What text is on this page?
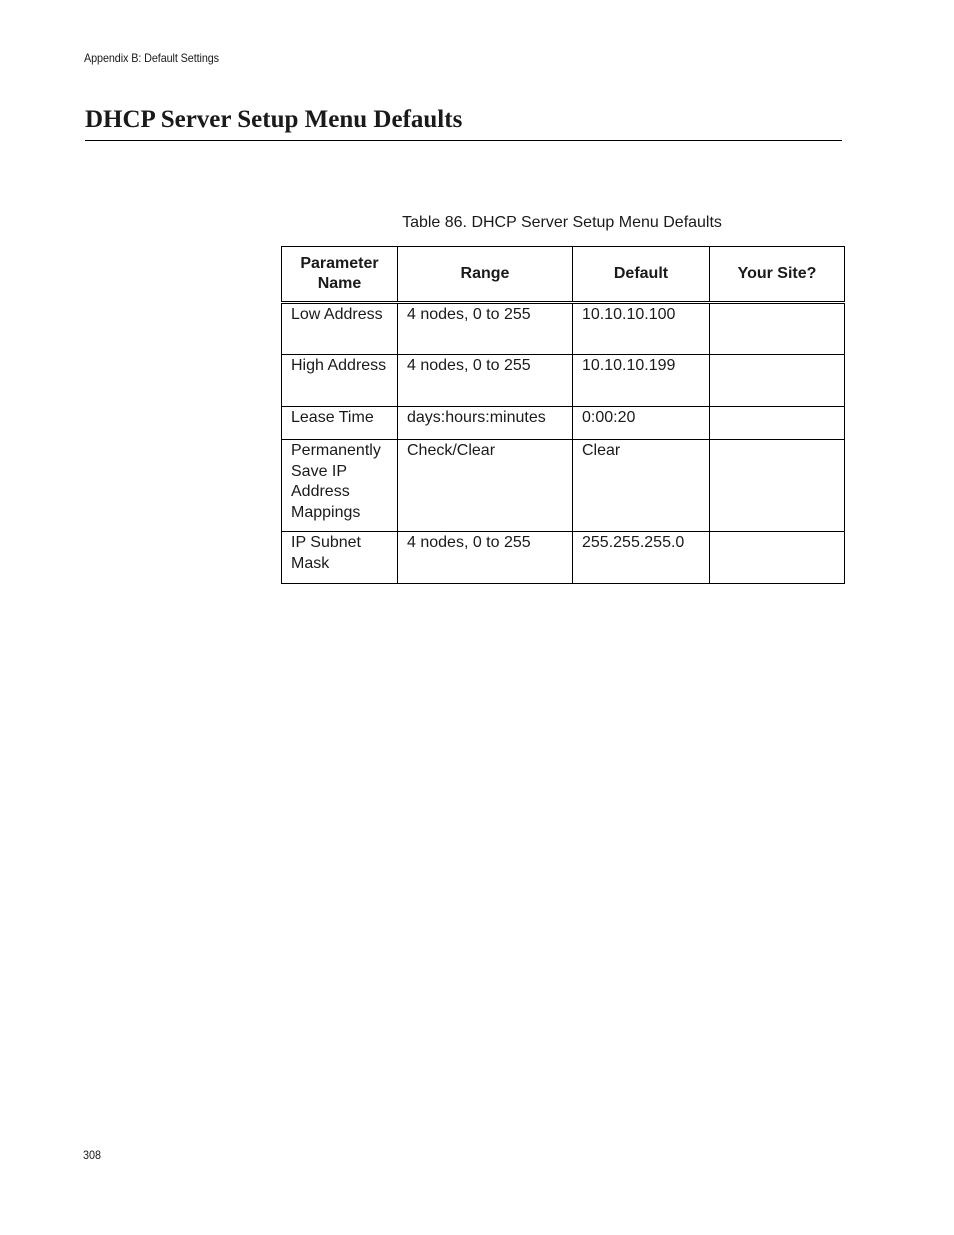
Appendix B: Default Settings
DHCP Server Setup Menu Defaults
Table 86. DHCP Server Setup Menu Defaults
Parameter Name	Range	Default	Your Site?

Low Address	4 nodes, 0 to 255	10.10.10.100	

High Address	4 nodes, 0 to 255	10.10.10.199	

Lease Time	days:hours:minutes	0:00:20	

Permanently Save IP Address Mappings	Check/Clear	Clear	

IP Subnet Mask	4 nodes, 0 to 255	255.255.255.0	

308
